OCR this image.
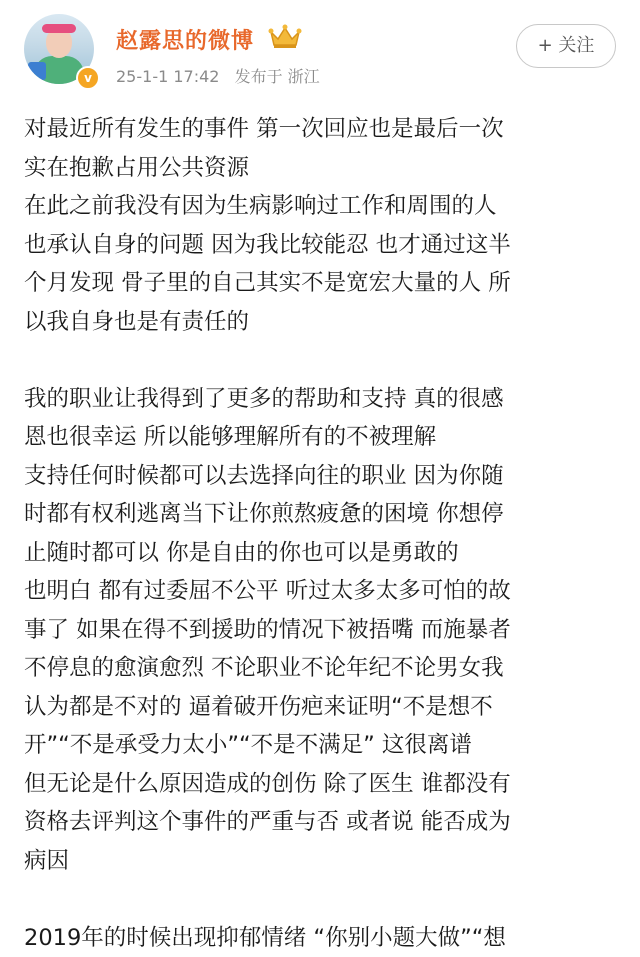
v
赵露思的微博
25-1-1 17:42 发布于 浙江
+ 关注

对最近所有发生的事件 第一次回应也是最后一次

实在抱歉占用公共资源

在此之前我没有因为生病影响过工作和周围的人

也承认自身的问题 因为我比较能忍 也才通过这半

个月发现 骨子里的自己其实不是宽宏大量的人 所

以我自身也是有责任的

我的职业让我得到了更多的帮助和支持 真的很感

恩也很幸运 所以能够理解所有的不被理解

支持任何时候都可以去选择向往的职业 因为你随

时都有权利逃离当下让你煎熬疲惫的困境 你想停

止随时都可以 你是自由的你也可以是勇敢的

也明白 都有过委屈不公平 听过太多太多可怕的故

事了 如果在得不到援助的情况下被捂嘴 而施暴者

不停息的愈演愈烈 不论职业不论年纪不论男女我

认为都是不对的 逼着破开伤疤来证明“不是想不

开”“不是承受力太小”“不是不满足” 这很离谱

但无论是什么原因造成的创伤 除了医生 谁都没有

资格去评判这个事件的严重与否 或者说 能否成为

病因

2019年的时候出现抑郁情绪 “你别小题大做”“想
